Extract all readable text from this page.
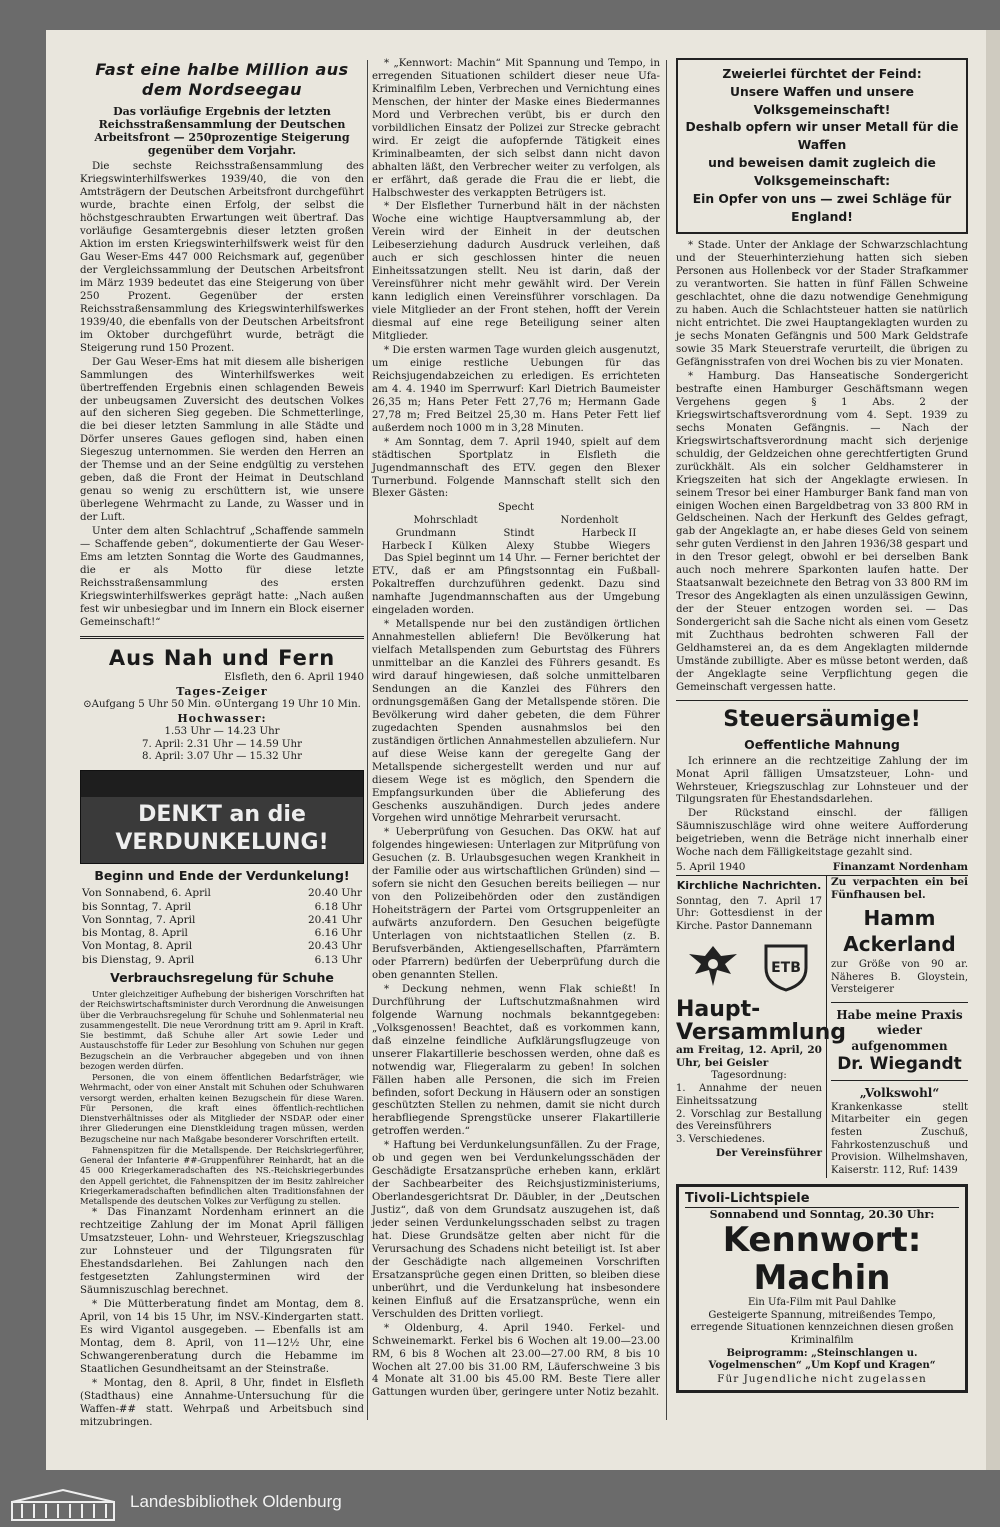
Fast eine halbe Million aus dem Nordseegau
Das vorläufige Ergebnis der letzten Reichsstraßensammlung der Deutschen Arbeitsfront — 250prozentige Steigerung gegenüber dem Vorjahr.

Die sechste Reichsstraßensammlung des Kriegswinterhilfswerkes 1939/40, die von den Amtsträgern der Deutschen Arbeitsfront durchgeführt wurde, brachte einen Erfolg, der selbst die höchstgeschraubten Erwartungen weit übertraf. Das vorläufige Gesamtergebnis dieser letzten großen Aktion im ersten Kriegswinterhilfswerk weist für den Gau Weser-Ems 447 000 Reichsmark auf, gegenüber der Vergleichssammlung der Deutschen Arbeitsfront im März 1939 bedeutet das eine Steigerung von über 250 Prozent. Gegenüber der ersten Reichsstraßensammlung des Kriegswinterhilfswerkes 1939/40, die ebenfalls von der Deutschen Arbeitsfront im Oktober durchgeführt wurde, beträgt die Steigerung rund 150 Prozent.

Der Gau Weser-Ems hat mit diesem alle bisherigen Sammlungen des Winterhilfswerkes weit übertreffenden Ergebnis einen schlagenden Beweis der unbeugsamen Zuversicht des deutschen Volkes auf den sicheren Sieg gegeben. Die Schmetterlinge, die bei dieser letzten Sammlung in alle Städte und Dörfer unseres Gaues geflogen sind, haben einen Siegeszug unternommen. Sie werden den Herren an der Themse und an der Seine endgültig zu verstehen geben, daß die Front der Heimat in Deutschland genau so wenig zu erschüttern ist, wie unsere überlegene Wehrmacht zu Lande, zu Wasser und in der Luft.

Unter dem alten Schlachtruf „Schaffende sammeln — Schaffende geben“, dokumentierte der Gau Weser-Ems am letzten Sonntag die Worte des Gaudmannes, die er als Motto für diese letzte Reichsstraßensammlung des ersten Kriegswinterhilfswerkes geprägt hatte: „Nach außen fest wir unbesiegbar und im Innern ein Block eiserner Gemeinschaft!“

Aus Nah und Fern
Elsfleth, den 6. April 1940
Tages-Zeiger
⊙Aufgang 5 Uhr 50 Min. ⊙Untergang 19 Uhr 10 Min.
Hochwasser:
1.53 Uhr — 14.23 Uhr
7. April: 2.31 Uhr — 14.59 Uhr
8. April: 3.07 Uhr — 15.32 Uhr
DENKT an die VERDUNKELUNG!
Beginn und Ende der Verdunkelung!
Von Sonnabend, 6. April	20.40 Uhr
bis Sonntag, 7. April	6.18 Uhr
Von Sonntag, 7. April	20.41 Uhr
bis Montag, 8. April	6.16 Uhr
Von Montag, 8. April	20.43 Uhr
bis Dienstag, 9. April	6.13 Uhr
Verbrauchsregelung für Schuhe

Unter gleichzeitiger Aufhebung der bisherigen Vorschriften hat der Reichswirtschaftsminister durch Verordnung die Anweisungen über die Verbrauchsregelung für Schuhe und Sohlenmaterial neu zusammengestellt. Die neue Verordnung tritt am 9. April in Kraft. Sie bestimmt, daß Schuhe aller Art sowie Leder und Austauschstoffe für Leder zur Besohlung von Schuhen nur gegen Bezugschein an die Verbraucher abgegeben und von ihnen bezogen werden dürfen.

Personen, die von einem öffentlichen Bedarfsträger, wie Wehrmacht, oder von einer Anstalt mit Schuhen oder Schuhwaren versorgt werden, erhalten keinen Bezugschein für diese Waren. Für Personen, die kraft eines öffentlich-rechtlichen Dienstverhältnisses oder als Mitglieder der NSDAP. oder einer ihrer Gliederungen eine Dienstkleidung tragen müssen, werden Bezugscheine nur nach Maßgabe besonderer Vorschriften erteilt.

Fahnenspitzen für die Metallspende. Der Reichskriegerführer, General der Infanterie ##-Gruppenführer Reinhardt, hat an die 45 000 Kriegerkameradschaften des NS.-Reichskriegerbundes den Appell gerichtet, die Fahnenspitzen der im Besitz zahlreicher Kriegerkameradschaften befindlichen alten Traditionsfahnen der Metallspende des deutschen Volkes zur Verfügung zu stellen.

* Das Finanzamt Nordenham erinnert an die rechtzeitige Zahlung der im Monat April fälligen Umsatzsteuer, Lohn- und Wehrsteuer, Kriegszuschlag zur Lohnsteuer und der Tilgungsraten für Ehestandsdarlehen. Bei Zahlungen nach den festgesetzten Zahlungsterminen wird der Säumniszuschlag berechnet.

* Die Mütterberatung findet am Montag, dem 8. April, von 14 bis 15 Uhr, im NSV.-Kindergarten statt. Es wird Vigantol ausgegeben. — Ebenfalls ist am Montag, dem 8. April, von 11—12½ Uhr, eine Schwangerenberatung durch die Hebamme im Staatlichen Gesundheitsamt an der Steinstraße.

* Montag, den 8. April, 8 Uhr, findet in Elsfleth (Stadthaus) eine Annahme-Untersuchung für die Waffen-## statt. Wehrpaß und Arbeitsbuch sind mitzubringen.

* „Kennwort: Machin“ Mit Spannung und Tempo, in erregenden Situationen schildert dieser neue Ufa-Kriminalfilm Leben, Verbrechen und Vernichtung eines Menschen, der hinter der Maske eines Biedermannes Mord und Verbrechen verübt, bis er durch den vorbildlichen Einsatz der Polizei zur Strecke gebracht wird. Er zeigt die aufopfernde Tätigkeit eines Kriminalbeamten, der sich selbst dann nicht davon abhalten läßt, den Verbrecher weiter zu verfolgen, als er erfährt, daß gerade die Frau die er liebt, die Halbschwester des verkappten Betrügers ist.

* Der Elsflether Turnerbund hält in der nächsten Woche eine wichtige Hauptversammlung ab, der Verein wird der Einheit in der deutschen Leibeserziehung dadurch Ausdruck verleihen, daß auch er sich geschlossen hinter die neuen Einheitssatzungen stellt. Neu ist darin, daß der Vereinsführer nicht mehr gewählt wird. Der Verein kann lediglich einen Vereinsführer vorschlagen. Da viele Mitglieder an der Front stehen, hofft der Verein diesmal auf eine rege Beteiligung seiner alten Mitglieder.

* Die ersten warmen Tage wurden gleich ausgenutzt, um einige restliche Uebungen für das Reichsjugendabzeichen zu erledigen. Es errichteten am 4. 4. 1940 im Sperrwurf: Karl Dietrich Baumeister 26,35 m; Hans Peter Fett 27,76 m; Hermann Gade 27,78 m; Fred Beitzel 25,30 m. Hans Peter Fett lief außerdem noch 1000 m in 3,28 Minuten.

* Am Sonntag, dem 7. April 1940, spielt auf dem städtischen Sportplatz in Elsfleth die Jugendmannschaft des ETV. gegen den Blexer Turnerbund. Folgende Mannschaft stellt sich den Blexer Gästen:

Specht
Mohrschladt	Nordenholt
Grundmann	Stindt	Harbeck II
Harbeck I Külken Alexy Stubbe Wiegers

Das Spiel beginnt um 14 Uhr. — Ferner berichtet der ETV., daß er am Pfingstsonntag ein Fußball-Pokaltreffen durchzuführen gedenkt. Dazu sind namhafte Jugendmannschaften aus der Umgebung eingeladen worden.

* Metallspende nur bei den zuständigen örtlichen Annahmestellen abliefern! Die Bevölkerung hat vielfach Metallspenden zum Geburtstag des Führers unmittelbar an die Kanzlei des Führers gesandt. Es wird darauf hingewiesen, daß solche unmittelbaren Sendungen an die Kanzlei des Führers den ordnungsgemäßen Gang der Metallspende stören. Die Bevölkerung wird daher gebeten, die dem Führer zugedachten Spenden ausnahmslos bei den zuständigen örtlichen Annahmestellen abzuliefern. Nur auf diese Weise kann der geregelte Gang der Metallspende sichergestellt werden und nur auf diesem Wege ist es möglich, den Spendern die Empfangsurkunden über die Ablieferung des Geschenks auszuhändigen. Durch jedes andere Vorgehen wird unnötige Mehrarbeit verursacht.

* Ueberprüfung von Gesuchen. Das OKW. hat auf folgendes hingewiesen: Unterlagen zur Mitprüfung von Gesuchen (z. B. Urlaubsgesuchen wegen Krankheit in der Familie oder aus wirtschaftlichen Gründen) sind — sofern sie nicht den Gesuchen bereits beiliegen — nur von den Polizeibehörden oder den zuständigen Hoheitsträgern der Partei vom Ortsgruppenleiter an aufwärts anzufordern. Den Gesuchen beigefügte Unterlagen von nichtstaatlichen Stellen (z. B. Berufsverbänden, Aktiengesellschaften, Pfarrämtern oder Pfarrern) bedürfen der Ueberprüfung durch die oben genannten Stellen.

* Deckung nehmen, wenn Flak schießt! In Durchführung der Luftschutzmaßnahmen wird folgende Warnung nochmals bekanntgegeben: „Volksgenossen! Beachtet, daß es vorkommen kann, daß einzelne feindliche Aufklärungsflugzeuge von unserer Flakartillerie beschossen werden, ohne daß es notwendig war, Fliegeralarm zu geben! In solchen Fällen haben alle Personen, die sich im Freien befinden, sofort Deckung in Häusern oder an sonstigen geschützten Stellen zu nehmen, damit sie nicht durch herabfliegende Sprengstücke unserer Flakartillerie getroffen werden.“

* Haftung bei Verdunkelungsunfällen. Zu der Frage, ob und gegen wen bei Verdunkelungsschäden der Geschädigte Ersatzansprüche erheben kann, erklärt der Sachbearbeiter des Reichsjustizministeriums, Oberlandesgerichtsrat Dr. Däubler, in der „Deutschen Justiz“, daß von dem Grundsatz auszugehen ist, daß jeder seinen Verdunkelungsschaden selbst zu tragen hat. Diese Grundsätze gelten aber nicht für die Verursachung des Schadens nicht beteiligt ist. Ist aber der Geschädigte nach allgemeinen Vorschriften Ersatzansprüche gegen einen Dritten, so bleiben diese unberührt, und die Verdunkelung hat insbesondere keinen Einfluß auf die Ersatzansprüche, wenn ein Verschulden des Dritten vorliegt.

* Oldenburg, 4. April 1940. Ferkel- und Schweinemarkt. Ferkel bis 6 Wochen alt 19.00—23.00 RM, 6 bis 8 Wochen alt 23.00—27.00 RM, 8 bis 10 Wochen alt 27.00 bis 31.00 RM, Läuferschweine 3 bis 4 Monate alt 31.00 bis 45.00 RM. Beste Tiere aller Gattungen wurden über, geringere unter Notiz bezahlt.

Zweierlei fürchtet der Feind:
Unsere Waffen und unsere Volksgemeinschaft!
Deshalb opfern wir unser Metall für die Waffen
und beweisen damit zugleich die Volksgemeinschaft:
Ein Opfer von uns — zwei Schläge für England!

* Stade. Unter der Anklage der Schwarzschlachtung und der Steuerhinterziehung hatten sich sieben Personen aus Hollenbeck vor der Stader Strafkammer zu verantworten. Sie hatten in fünf Fällen Schweine geschlachtet, ohne die dazu notwendige Genehmigung zu haben. Auch die Schlachtsteuer hatten sie natürlich nicht entrichtet. Die zwei Hauptangeklagten wurden zu je sechs Monaten Gefängnis und 500 Mark Geldstrafe sowie 35 Mark Steuerstrafe verurteilt, die übrigen zu Gefängnisstrafen von drei Wochen bis zu vier Monaten.

* Hamburg. Das Hanseatische Sondergericht bestrafte einen Hamburger Geschäftsmann wegen Vergehens gegen § 1 Abs. 2 der Kriegswirtschaftsverordnung vom 4. Sept. 1939 zu sechs Monaten Gefängnis. — Nach der Kriegswirtschaftsverordnung macht sich derjenige schuldig, der Geldzeichen ohne gerechtfertigten Grund zurückhält. Als ein solcher Geldhamsterer in Kriegszeiten hat sich der Angeklagte erwiesen. In seinem Tresor bei einer Hamburger Bank fand man von einigen Wochen einen Bargeldbetrag von 33 800 RM in Geldscheinen. Nach der Herkunft des Geldes gefragt, gab der Angeklagte an, er habe dieses Geld von seinem sehr guten Verdienst in den Jahren 1936/38 gespart und in den Tresor gelegt, obwohl er bei derselben Bank auch noch mehrere Sparkonten laufen hatte. Der Staatsanwalt bezeichnete den Betrag von 33 800 RM im Tresor des Angeklagten als einen unzulässigen Gewinn, der der Steuer entzogen worden sei. — Das Sondergericht sah die Sache nicht als einen vom Gesetz mit Zuchthaus bedrohten schweren Fall der Geldhamsterei an, da es dem Angeklagten mildernde Umstände zubilligte. Aber es müsse betont werden, daß der Angeklagte seine Verpflichtung gegen die Gemeinschaft vergessen hatte.

Steuersäumige!
Oeffentliche Mahnung

Ich erinnere an die rechtzeitige Zahlung der im Monat April fälligen Umsatzsteuer, Lohn- und Wehrsteuer, Kriegszuschlag zur Lohnsteuer und der Tilgungsraten für Ehestandsdarlehen.

Der Rückstand einschl. der fälligen Säumniszuschläge wird ohne weitere Aufforderung beigetrieben, wenn die Beträge nicht innerhalb einer Woche nach dem Fälligkeitstage gezahlt sind.

5. April 1940	Finanzamt Nordenham
Kirchliche Nachrichten.
Sonntag, den 7. April 17 Uhr: Gottesdienst in der Kirche. Pastor Dannemann
ETB
Haupt-Versammlung
am Freitag, 12. April, 20 Uhr, bei Geisler
Tagesordnung:
1. Annahme der neuen Einheitssatzung
2. Vorschlag zur Bestallung des Vereinsführers
3. Verschiedenes.
Der Vereinsführer
Zu verpachten ein bei Fünfhausen bel.
Hamm Ackerland
zur Größe von 90 ar. Näheres B. Gloystein, Versteigerer
Habe meine Praxis wieder aufgenommen
Dr. Wiegandt
„Volkswohl“
Krankenkasse stellt Mitarbeiter ein gegen festen Zuschuß, Fahrkostenzuschuß und Provision. Wilhelmshaven, Kaiserstr. 112, Ruf: 1439
Tivoli-Lichtspiele
Sonnabend und Sonntag, 20.30 Uhr:
Kennwort: Machin
Ein Ufa-Film mit Paul Dahlke
Gesteigerte Spannung, mitreißendes Tempo, erregende Situationen kennzeichnen diesen großen Kriminalfilm
Beiprogramm: „Steinschlangen u. Vogelmenschen“ „Um Kopf und Kragen“
Für Jugendliche nicht zugelassen
Landesbibliothek Oldenburg
